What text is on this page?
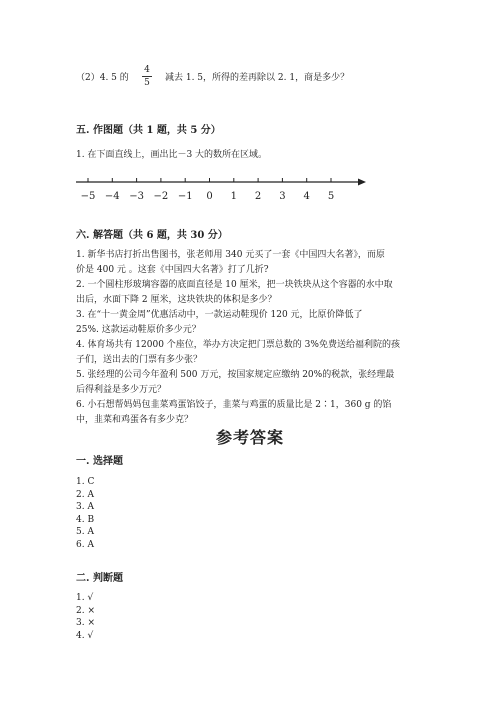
（2）4. 5 的
4
5 减去 1. 5，所得的差再除以 2. 1，商是多少？
五. 作图题（共 1 题，共 5 分）
1. 在下面直线上，画出比－3 大的数所在区域。
−5 −4 −3 −2 −1 0 1 2 3 4 5
六. 解答题（共 6 题，共 30 分）
1. 新华书店打折出售图书，张老师用 340 元买了一套《中国四大名著》，而原
价是 400 元 。这套《中国四大名著》打了几折?
2. 一个圆柱形玻璃容器的底面直径是 10 厘米，把一块铁块从这个容器的水中取
出后，水面下降 2 厘米，这块铁块的体积是多少？
3. 在“十一黄金周”优惠活动中，一款运动鞋现价 120 元，比原价降低了
25%. 这款运动鞋原价多少元？
4. 体育场共有 12000 个座位，举办方决定把门票总数的 3%免费送给福利院的孩
子们，送出去的门票有多少张？
5. 张经理的公司今年盈利 500 万元，按国家规定应缴纳 20%的税款，张经理最
后得利益是多少万元？
6. 小石想帮妈妈包韭菜鸡蛋馅饺子，韭菜与鸡蛋的质量比是 2∶1，360 g 的馅
中，韭菜和鸡蛋各有多少克？
参考答案
一. 选择题
1. C
2. A
3. A
4. B
5. A
6. A
二. 判断题
1. √
2. ×
3. ×
4. √
